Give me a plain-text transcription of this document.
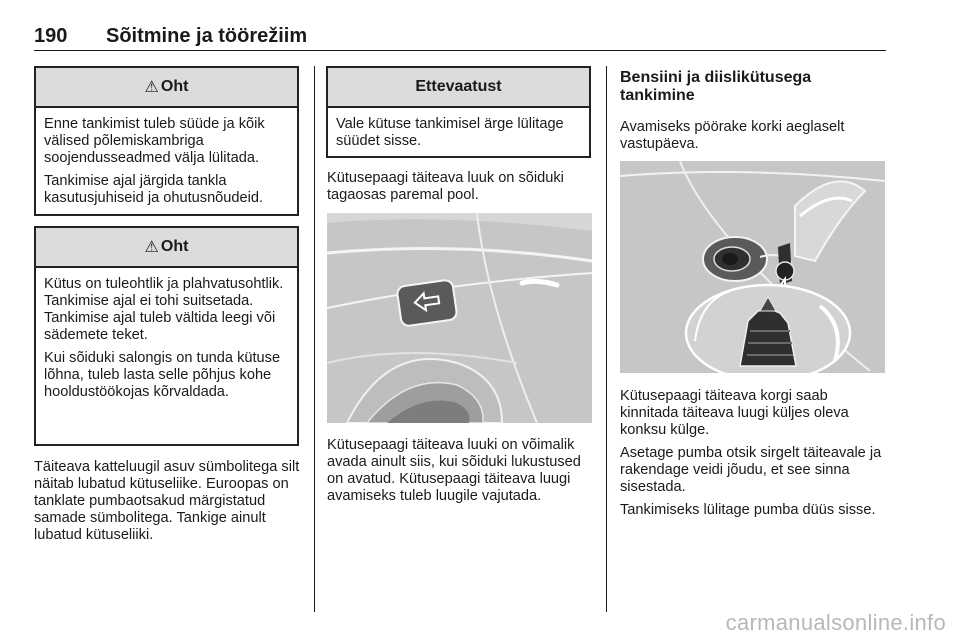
190 Sõitmine ja töörežiim
⚠ Oht

Enne tankimist tuleb süüde ja kõik välised põlemiskambriga soojendusseadmed välja lülitada.

Tankimise ajal järgida tankla kasutusjuhiseid ja ohutusnõudeid.

⚠ Oht

Kütus on tuleohtlik ja plahvatusohtlik. Tankimise ajal ei tohi suitsetada. Tankimise ajal tuleb vältida leegi või sädemete teket.

Kui sõiduki salongis on tunda kütuse lõhna, tuleb lasta selle põhjus kohe hooldustöökojas kõrvaldada.

Täiteava katteluugil asuv sümbolitega silt näitab lubatud kütuseliike. Euroopas on tanklate pumbaotsakud märgistatud samade sümbolitega. Tankige ainult lubatud kütuseliiki.

Ettevaatust

Vale kütuse tankimisel ärge lülitage süüdet sisse.

Kütusepaagi täiteava luuk on sõiduki tagaosas paremal pool.

Kütusepaagi täiteava luuki on võimalik avada ainult siis, kui sõiduki lukustused on avatud. Kütusepaagi täiteava luugi avamiseks tuleb luugile vajutada.

Bensiini ja diislikütusega tankimine

Avamiseks pöörake korki aeglaselt vastupäeva.

Kütusepaagi täiteava korgi saab kinnitada täiteava luugi küljes oleva konksu külge.

Asetage pumba otsik sirgelt täiteavale ja rakendage veidi jõudu, et see sinna sisestada.

Tankimiseks lülitage pumba düüs sisse.

carmanualsonline.info
